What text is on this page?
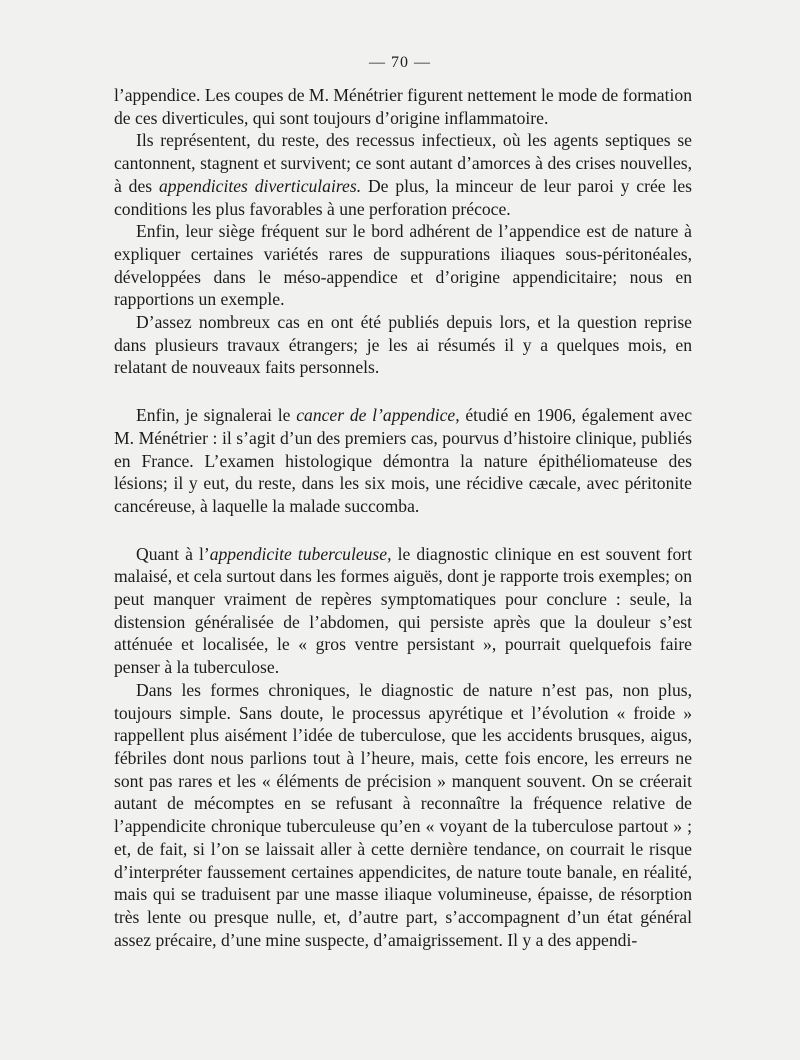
— 70 —

l’appendice. Les coupes de M. Ménétrier figurent nettement le mode de formation de ces diverticules, qui sont toujours d’origine inflammatoire.

Ils représentent, du reste, des recessus infectieux, où les agents septiques se cantonnent, stagnent et survivent; ce sont autant d’amorces à des crises nouvelles, à des appendicites diverticulaires. De plus, la minceur de leur paroi y crée les conditions les plus favorables à une perforation précoce.

Enfin, leur siège fréquent sur le bord adhérent de l’appendice est de nature à expliquer certaines variétés rares de suppurations iliaques sous-péritonéales, développées dans le méso-appendice et d’origine appendicitaire; nous en rapportions un exemple.

D’assez nombreux cas en ont été publiés depuis lors, et la question reprise dans plusieurs travaux étrangers; je les ai résumés il y a quelques mois, en relatant de nouveaux faits personnels.

Enfin, je signalerai le cancer de l’appendice, étudié en 1906, également avec M. Ménétrier : il s’agit d’un des premiers cas, pourvus d’histoire clinique, publiés en France. L’examen histologique démontra la nature épithéliomateuse des lésions; il y eut, du reste, dans les six mois, une récidive cæcale, avec péritonite cancéreuse, à laquelle la malade succomba.

Quant à l’appendicite tuberculeuse, le diagnostic clinique en est souvent fort malaisé, et cela surtout dans les formes aiguës, dont je rapporte trois exemples; on peut manquer vraiment de repères symptomatiques pour conclure : seule, la distension généralisée de l’abdomen, qui persiste après que la douleur s’est atténuée et localisée, le « gros ventre persistant », pourrait quelquefois faire penser à la tuberculose.

Dans les formes chroniques, le diagnostic de nature n’est pas, non plus, toujours simple. Sans doute, le processus apyrétique et l’évolution « froide » rappellent plus aisément l’idée de tuberculose, que les accidents brusques, aigus, fébriles dont nous parlions tout à l’heure, mais, cette fois encore, les erreurs ne sont pas rares et les « éléments de précision » manquent souvent. On se créerait autant de mécomptes en se refusant à reconnaître la fréquence relative de l’appendicite chronique tuberculeuse qu’en « voyant de la tuberculose partout » ; et, de fait, si l’on se laissait aller à cette dernière tendance, on courrait le risque d’interpréter faussement certaines appendicites, de nature toute banale, en réalité, mais qui se traduisent par une masse iliaque volumineuse, épaisse, de résorption très lente ou presque nulle, et, d’autre part, s’accompagnent d’un état général assez précaire, d’une mine suspecte, d’amaigrissement. Il y a des appendi-
